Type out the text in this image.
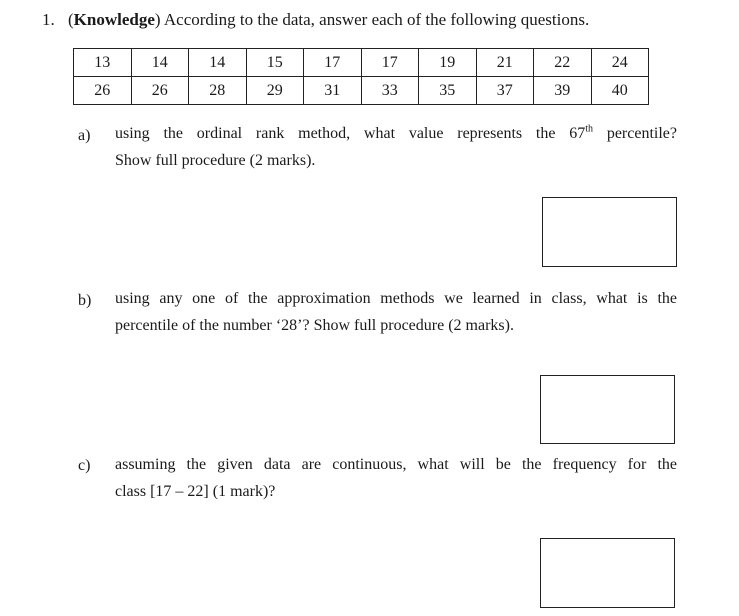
1. (Knowledge) According to the data, answer each of the following questions.
13	14	14	15	17	17	19	21	22	24
26	26	28	29	31	33	35	37	39	40
a) using the ordinal rank method, what value represents the 67th percentile?
Show full procedure (2 marks).
b) using any one of the approximation methods we learned in class, what is the
percentile of the number ‘28’? Show full procedure (2 marks).
c) assuming the given data are continuous, what will be the frequency for the
class [17 – 22] (1 mark)?
